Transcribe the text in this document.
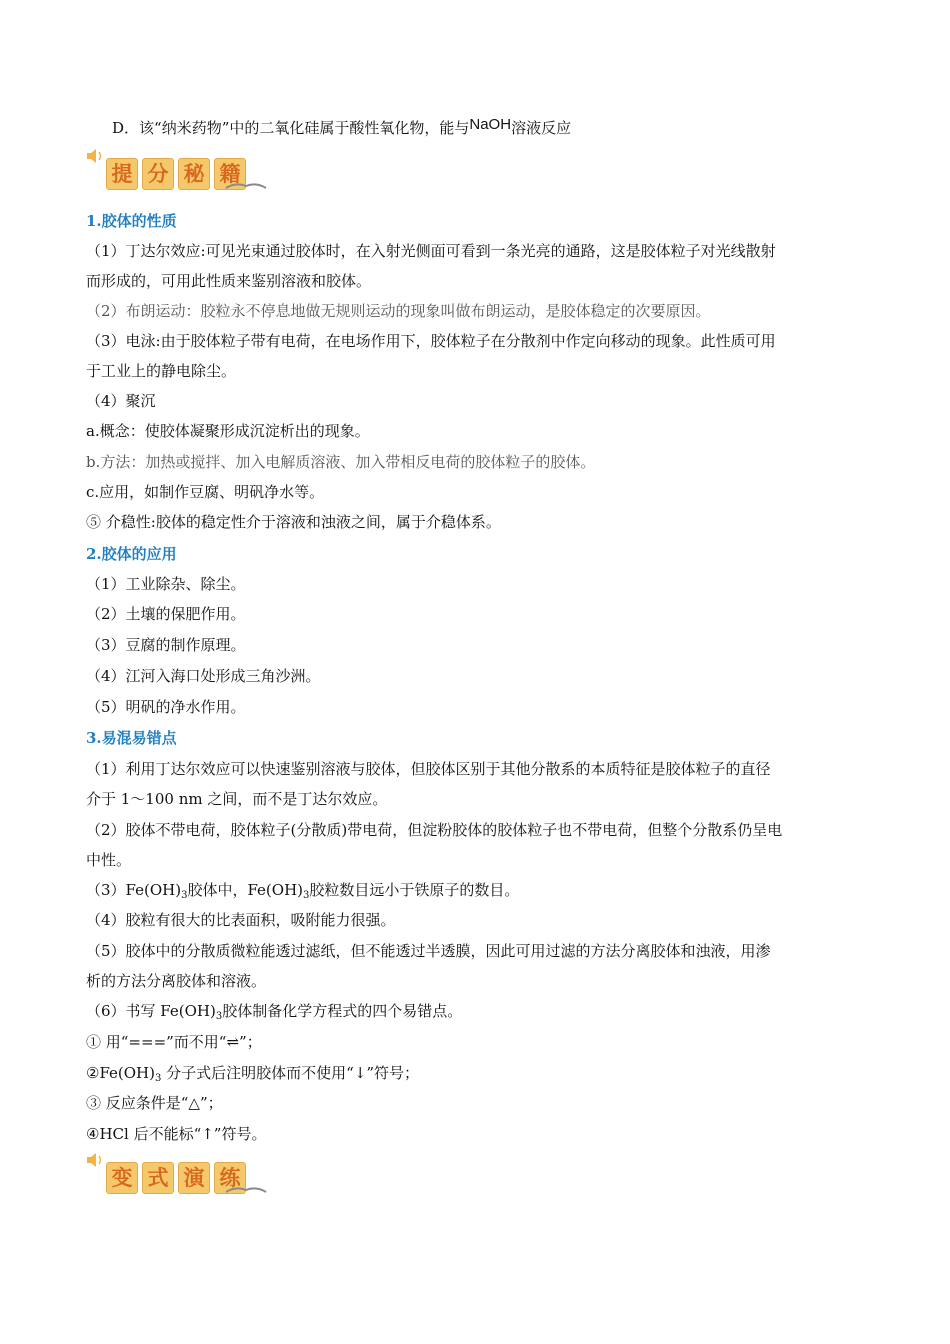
D．该“纳米药物”中的二氧化硅属于酸性氧化物，能与NaOH溶液反应
提 分 秘 籍
1.胶体的性质
（1）丁达尔效应:可见光束通过胶体时，在入射光侧面可看到一条光亮的通路，这是胶体粒子对光线散射
而形成的，可用此性质来鉴别溶液和胶体。
（2）布朗运动：胶粒永不停息地做无规则运动的现象叫做布朗运动，是胶体稳定的次要原因。
（3）电泳:由于胶体粒子带有电荷，在电场作用下，胶体粒子在分散剂中作定向移动的现象。此性质可用
于工业上的静电除尘。
（4）聚沉
a.概念：使胶体凝聚形成沉淀析出的现象。
b.方法：加热或搅拌、加入电解质溶液、加入带相反电荷的胶体粒子的胶体。
c.应用，如制作豆腐、明矾净水等。
⑤ 介稳性:胶体的稳定性介于溶液和浊液之间，属于介稳体系。
2.胶体的应用
（1）工业除杂、除尘。
（2）土壤的保肥作用。
（3）豆腐的制作原理。
（4）江河入海口处形成三角沙洲。
（5）明矾的净水作用。
3.易混易错点
（1）利用丁达尔效应可以快速鉴别溶液与胶体，但胶体区别于其他分散系的本质特征是胶体粒子的直径
介于 1～100 nm 之间，而不是丁达尔效应。
（2）胶体不带电荷，胶体粒子(分散质)带电荷，但淀粉胶体的胶体粒子也不带电荷，但整个分散系仍呈电
中性。
$(3)Fe(OH)_3$胶体中，$Fe(OH)_3$胶粒数目远小于铁原子的数目。
（4）胶粒有很大的比表面积，吸附能力很强。
（5）胶体中的分散质微粒能透过滤纸，但不能透过半透膜，因此可用过滤的方法分离胶体和浊液，用渗
析的方法分离胶体和溶液。
（6）书写 $Fe(OH)_3$胶体制备化学方程式的四个易错点。
① 用“===”而不用“⇌”；
$②Fe(OH)_3$ 分子式后注明胶体而不使用“↓”符号；
③ 反应条件是“△”；
④HCl 后不能标“↑”符号。
变 式 演 练
